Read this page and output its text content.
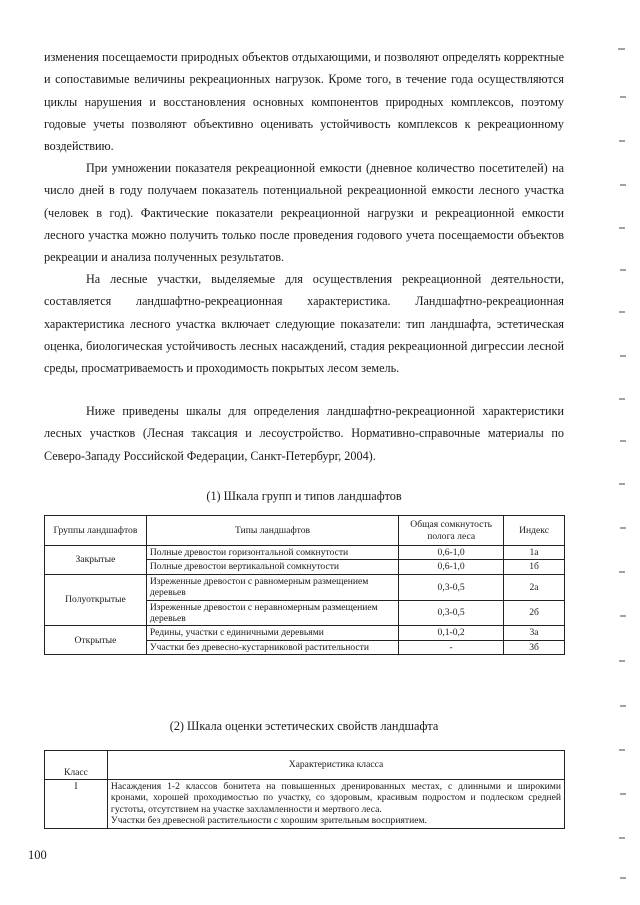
изменения посещаемости природных объектов отдыхающими, и позволяют определять корректные и сопоставимые величины рекреационных нагрузок. Кроме того, в течение года осуществляются циклы нарушения и восстановления основных компонентов природных комплексов, поэтому годовые учеты позволяют объективно оценивать устойчивость комплексов к рекреационному воздействию.

При умножении показателя рекреационной емкости (дневное количество посетителей) на число дней в году получаем показатель потенциальной рекреационной емкости лесного участка (человек в год). Фактические показатели рекреационной нагрузки и рекреационной емкости лесного участка можно получить только после проведения годового учета посещаемости объектов рекреации и анализа полученных результатов.

На лесные участки, выделяемые для осуществления рекреационной деятельности, составляется ландшафтно-рекреационная характеристика. Ландшафтно-рекреационная характеристика лесного участка включает следующие показатели: тип ландшафта, эстетическая оценка, биологическая устойчивость лесных насаждений, стадия рекреационной дигрессии лесной среды, просматриваемость и проходимость покрытых лесом земель.

Ниже приведены шкалы для определения ландшафтно-рекреационной характеристики лесных участков (Лесная таксация и лесоустройство. Нормативно-справочные материалы по Северо-Западу Российской Федерации, Санкт-Петербург, 2004).

(1) Шкала групп и типов ландшафтов

Группы ландшафтов	Типы ландшафтов	Общая сомкнутость полога леса	Индекс
Закрытые	Полные древостои горизонтальной сомкнутости	0,6-1,0	1а
	Полные древостои вертикальной сомкнутости	0,6-1,0	1б
Полуоткрытые	Изреженные древостои с равномерным размещением деревьев	0,3-0,5	2а
	Изреженные древостои с неравномерным размещением деревьев	0,3-0,5	2б
Открытые	Редины, участки с единичными деревьями	0,1-0,2	3а
	Участки без древесно-кустарниковой растительности	-	3б

(2) Шкала оценки эстетических свойств ландшафта

Класс	Характеристика класса
I	Насаждения 1-2 классов бонитета на повышенных дренированных местах, с длинными и широкими кронами, хорошей проходимостью по участку, со здоровым, красивым подростом и подлеском средней густоты, отсутствием на участке захламленности и мертвого леса.
Участки без древесной растительности с хорошим зрительным восприятием.

100
